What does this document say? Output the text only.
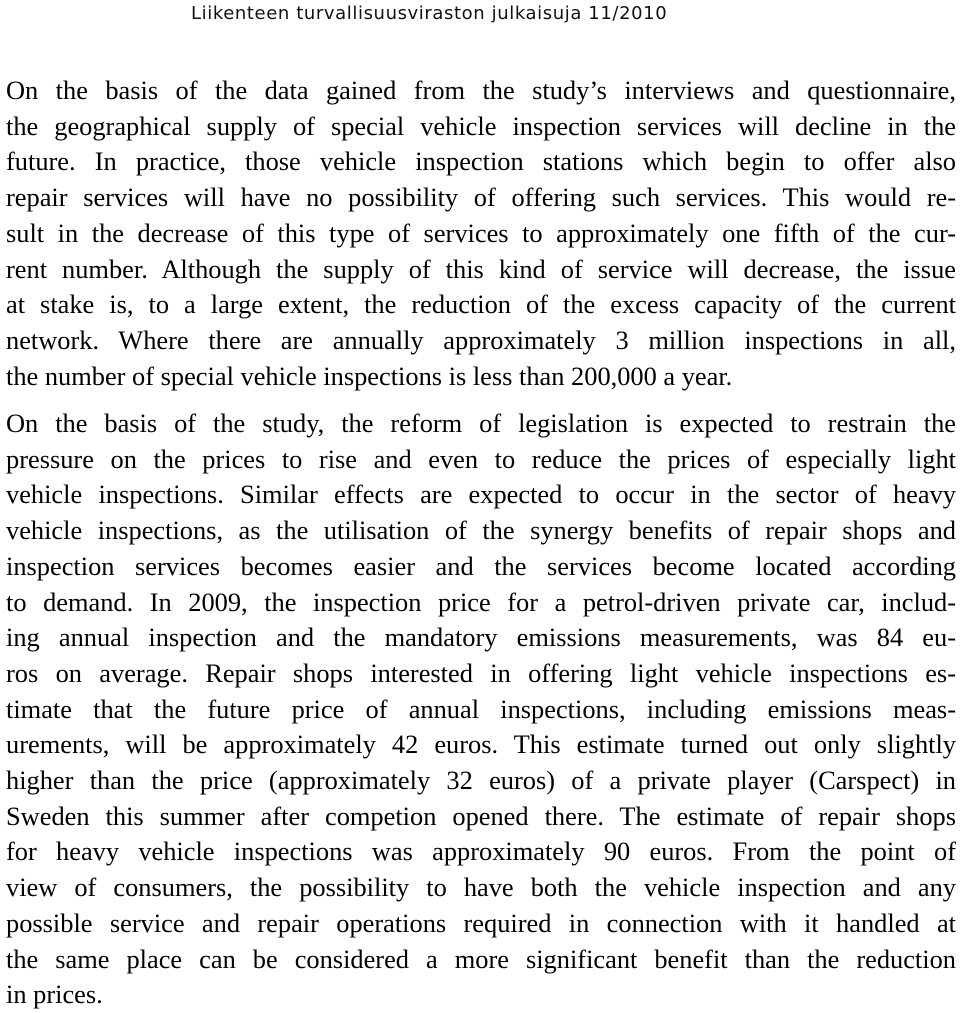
Liikenteen turvallisuusviraston julkaisuja 11/2010
On the basis of the data gained from the study’s interviews and questionnaire,
the geographical supply of special vehicle inspection services will decline in the
future. In practice, those vehicle inspection stations which begin to offer also
repair services will have no possibility of offering such services. This would re-
sult in the decrease of this type of services to approximately one fifth of the cur-
rent number. Although the supply of this kind of service will decrease, the issue
at stake is, to a large extent, the reduction of the excess capacity of the current
network. Where there are annually approximately 3 million inspections in all,
the number of special vehicle inspections is less than 200,000 a year.
On the basis of the study, the reform of legislation is expected to restrain the
pressure on the prices to rise and even to reduce the prices of especially light
vehicle inspections. Similar effects are expected to occur in the sector of heavy
vehicle inspections, as the utilisation of the synergy benefits of repair shops and
inspection services becomes easier and the services become located according
to demand. In 2009, the inspection price for a petrol-driven private car, includ-
ing annual inspection and the mandatory emissions measurements, was 84 eu-
ros on average. Repair shops interested in offering light vehicle inspections es-
timate that the future price of annual inspections, including emissions meas-
urements, will be approximately 42 euros. This estimate turned out only slightly
higher than the price (approximately 32 euros) of a private player (Carspect) in
Sweden this summer after competion opened there. The estimate of repair shops
for heavy vehicle inspections was approximately 90 euros. From the point of
view of consumers, the possibility to have both the vehicle inspection and any
possible service and repair operations required in connection with it handled at
the same place can be considered a more significant benefit than the reduction
in prices.
